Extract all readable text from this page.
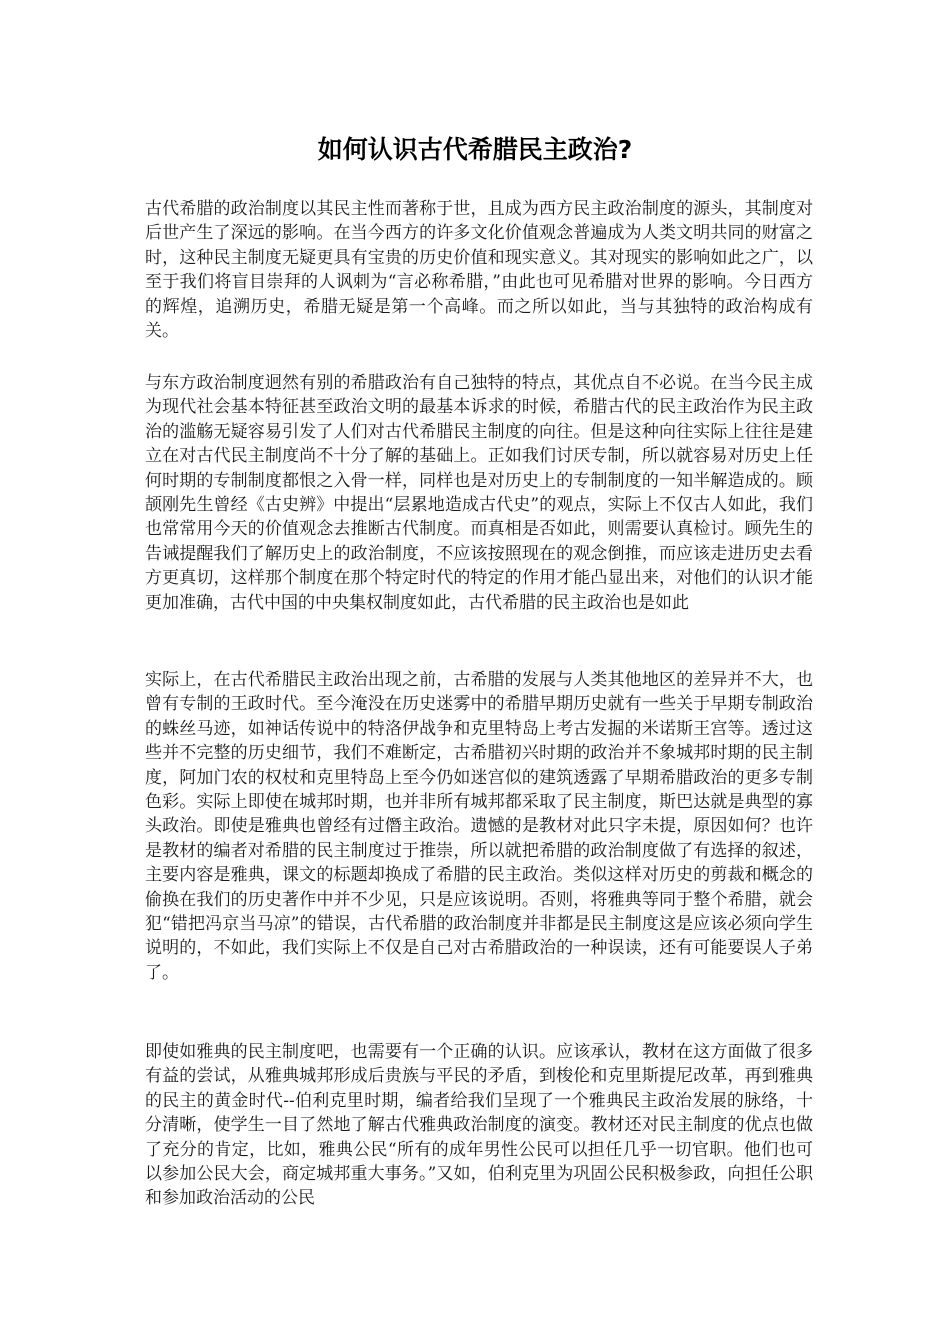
如何认识古代希腊民主政治?

古代希腊的政治制度以其民主性而著称于世，且成为西方民主政治制度的源头，其制度对后世产生了深远的影响。在当今西方的许多文化价值观念普遍成为人类文明共同的财富之时，这种民主制度无疑更具有宝贵的历史价值和现实意义。其对现实的影响如此之广，以至于我们将盲目崇拜的人讽刺为“言必称希腊，”由此也可见希腊对世界的影响。今日西方的辉煌，追溯历史，希腊无疑是第一个高峰。而之所以如此，当与其独特的政治构成有关。

与东方政治制度迥然有别的希腊政治有自己独特的特点，其优点自不必说。在当今民主成为现代社会基本特征甚至政治文明的最基本诉求的时候，希腊古代的民主政治作为民主政治的滥觞无疑容易引发了人们对古代希腊民主制度的向往。但是这种向往实际上往往是建立在对古代民主制度尚不十分了解的基础上。正如我们讨厌专制，所以就容易对历史上任何时期的专制制度都恨之入骨一样，同样也是对历史上的专制制度的一知半解造成的。顾颉刚先生曾经《古史辨》中提出“层累地造成古代史”的观点，实际上不仅古人如此，我们也常常用今天的价值观念去推断古代制度。而真相是否如此，则需要认真检讨。顾先生的告诫提醒我们了解历史上的政治制度，不应该按照现在的观念倒推，而应该走进历史去看方更真切，这样那个制度在那个特定时代的特定的作用才能凸显出来，对他们的认识才能更加准确，古代中国的中央集权制度如此，古代希腊的民主政治也是如此

实际上，在古代希腊民主政治出现之前，古希腊的发展与人类其他地区的差异并不大，也曾有专制的王政时代。至今淹没在历史迷雾中的希腊早期历史就有一些关于早期专制政治的蛛丝马迹，如神话传说中的特洛伊战争和克里特岛上考古发掘的米诺斯王宫等。透过这些并不完整的历史细节，我们不难断定，古希腊初兴时期的政治并不象城邦时期的民主制度，阿加门农的权杖和克里特岛上至今仍如迷宫似的建筑透露了早期希腊政治的更多专制色彩。实际上即使在城邦时期，也并非所有城邦都采取了民主制度，斯巴达就是典型的寡头政治。即使是雅典也曾经有过僭主政治。遗憾的是教材对此只字未提，原因如何？也许是教材的编者对希腊的民主制度过于推崇，所以就把希腊的政治制度做了有选择的叙述，主要内容是雅典，课文的标题却换成了希腊的民主政治。类似这样对历史的剪裁和概念的偷换在我们的历史著作中并不少见，只是应该说明。否则，将雅典等同于整个希腊，就会犯“错把冯京当马凉”的错误，古代希腊的政治制度并非都是民主制度这是应该必须向学生说明的，不如此，我们实际上不仅是自己对古希腊政治的一种误读，还有可能要误人子弟了。

即使如雅典的民主制度吧，也需要有一个正确的认识。应该承认，教材在这方面做了很多有益的尝试，从雅典城邦形成后贵族与平民的矛盾，到梭伦和克里斯提尼改革，再到雅典的民主的黄金时代--伯利克里时期，编者给我们呈现了一个雅典民主政治发展的脉络，十分清晰，使学生一目了然地了解古代雅典政治制度的演变。教材还对民主制度的优点也做了充分的肯定，比如，雅典公民“所有的成年男性公民可以担任几乎一切官职。他们也可以参加公民大会，商定城邦重大事务。”又如，伯利克里为巩固公民积极参政，向担任公职和参加政治活动的公民
